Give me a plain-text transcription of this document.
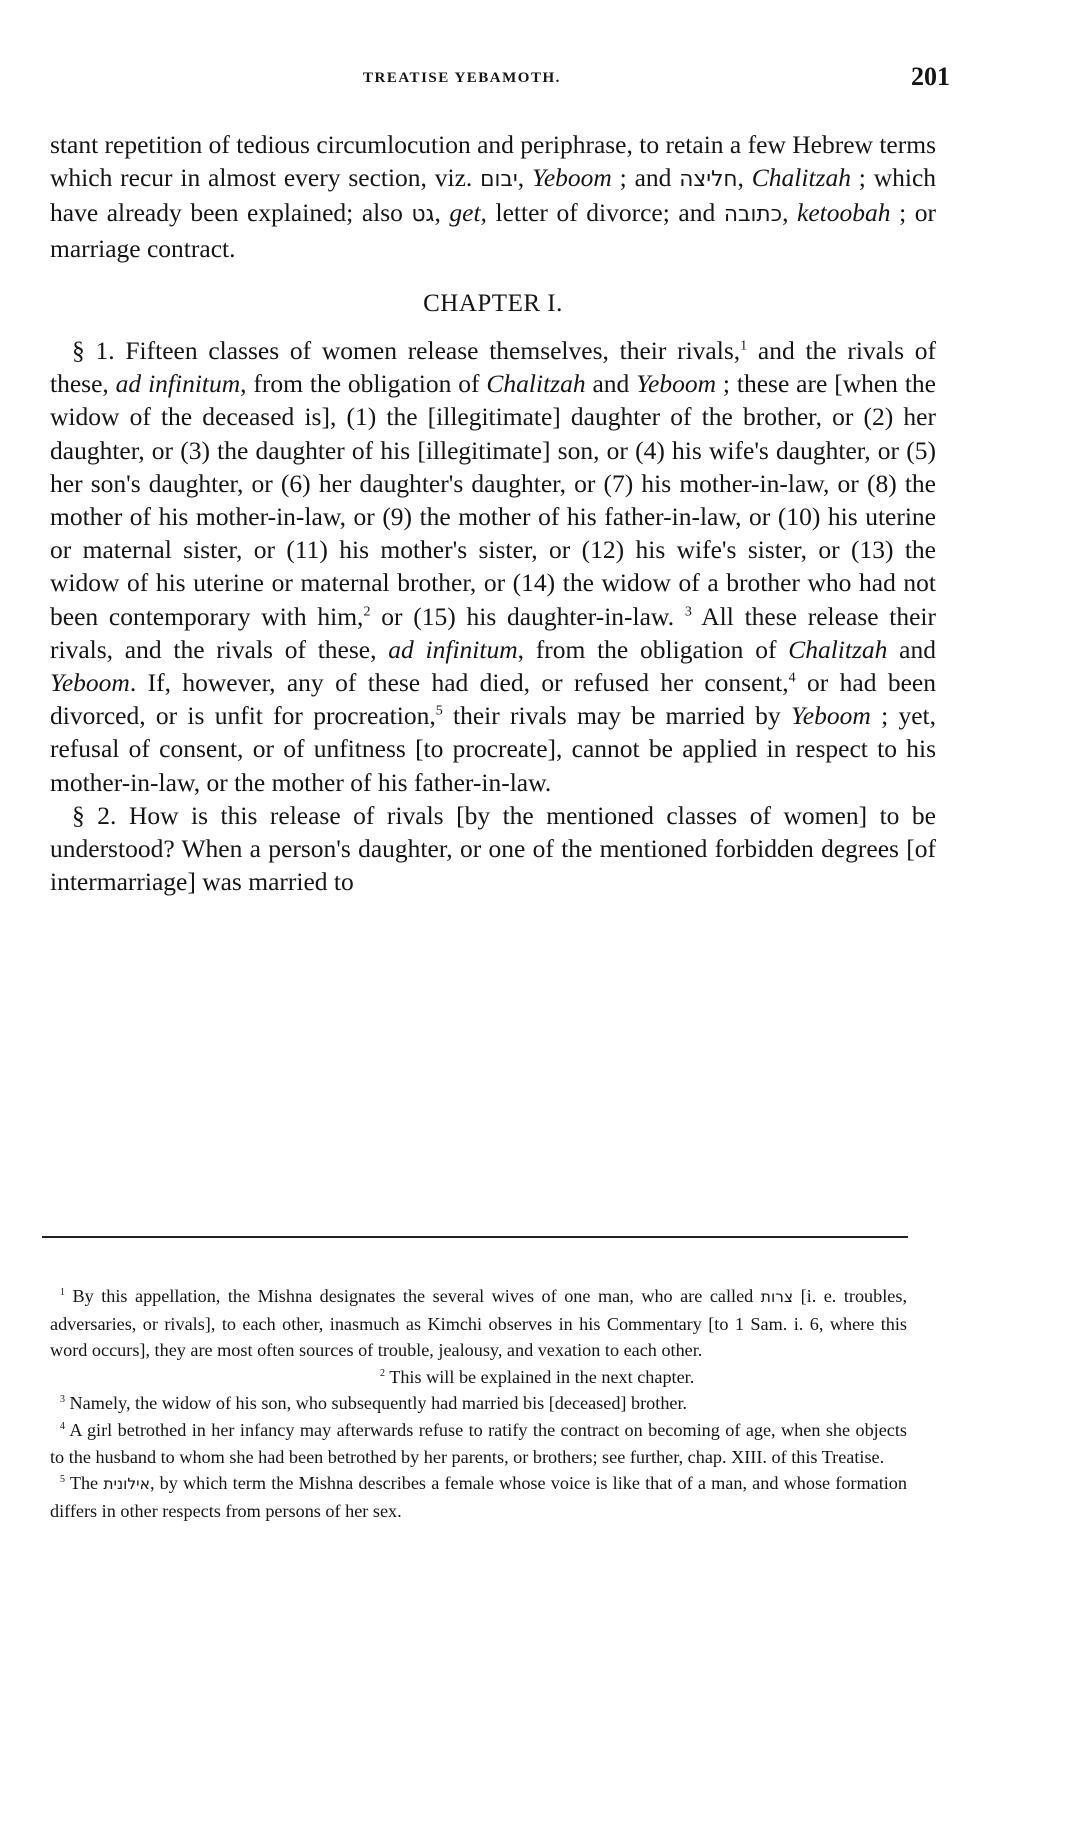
TREATISE YEBAMOTH.	201

stant repetition of tedious circumlocution and periphrase, to retain a few Hebrew terms which recur in almost every section, viz. יבום, Yeboom ; and חליצה, Chalitzah ; which have already been explained; also גט, get, letter of divorce; and כתובה, ketoobah ; or marriage contract.

CHAPTER I.

§ 1. Fifteen classes of women release themselves, their rivals,$^1$ and the rivals of these, ad infinitum, from the obligation of Chalitzah and Yeboom ; these are [when the widow of the deceased is], (1) the [illegitimate] daughter of the brother, or (2) her daughter, or (3) the daughter of his [illegitimate] son, or (4) his wife's daughter, or (5) her son's daughter, or (6) her daughter's daughter, or (7) his mother-in-law, or (8) the mother of his mother-in-law, or (9) the mother of his father-in-law, or (10) his uterine or maternal sister, or (11) his mother's sister, or (12) his wife's sister, or (13) the widow of his uterine or maternal brother, or (14) the widow of a brother who had not been contemporary with him,$^2$ or (15) his daughter-in-law. $^3$ All these release their rivals, and the rivals of these, ad infinitum, from the obligation of Chalitzah and Yeboom. If, however, any of these had died, or refused her consent,$^4$ or had been divorced, or is unfit for procreation,$^5$ their rivals may be married by Yeboom ; yet, refusal of consent, or of unfitness [to procreate], cannot be applied in respect to his mother-in-law, or the mother of his father-in-law.

§ 2. How is this release of rivals [by the mentioned classes of women] to be understood? When a person's daughter, or one of the mentioned forbidden degrees [of intermarriage] was married to

$^1$ By this appellation, the Mishna designates the several wives of one man, who are called צרות [i. e. troubles, adversaries, or rivals], to each other, inasmuch as Kimchi observes in his Commentary [to 1 Sam. i. 6, where this word occurs], they are most often sources of trouble, jealousy, and vexation to each other.

$^2$ This will be explained in the next chapter.

$^3$ Namely, the widow of his son, who subsequently had married bis [deceased] brother.

$^4$ A girl betrothed in her infancy may afterwards refuse to ratify the contract on becoming of age, when she objects to the husband to whom she had been betrothed by her parents, or brothers; see further, chap. XIII. of this Treatise.

$^5$ The אילונית, by which term the Mishna describes a female whose voice is like that of a man, and whose formation differs in other respects from persons of her sex.
